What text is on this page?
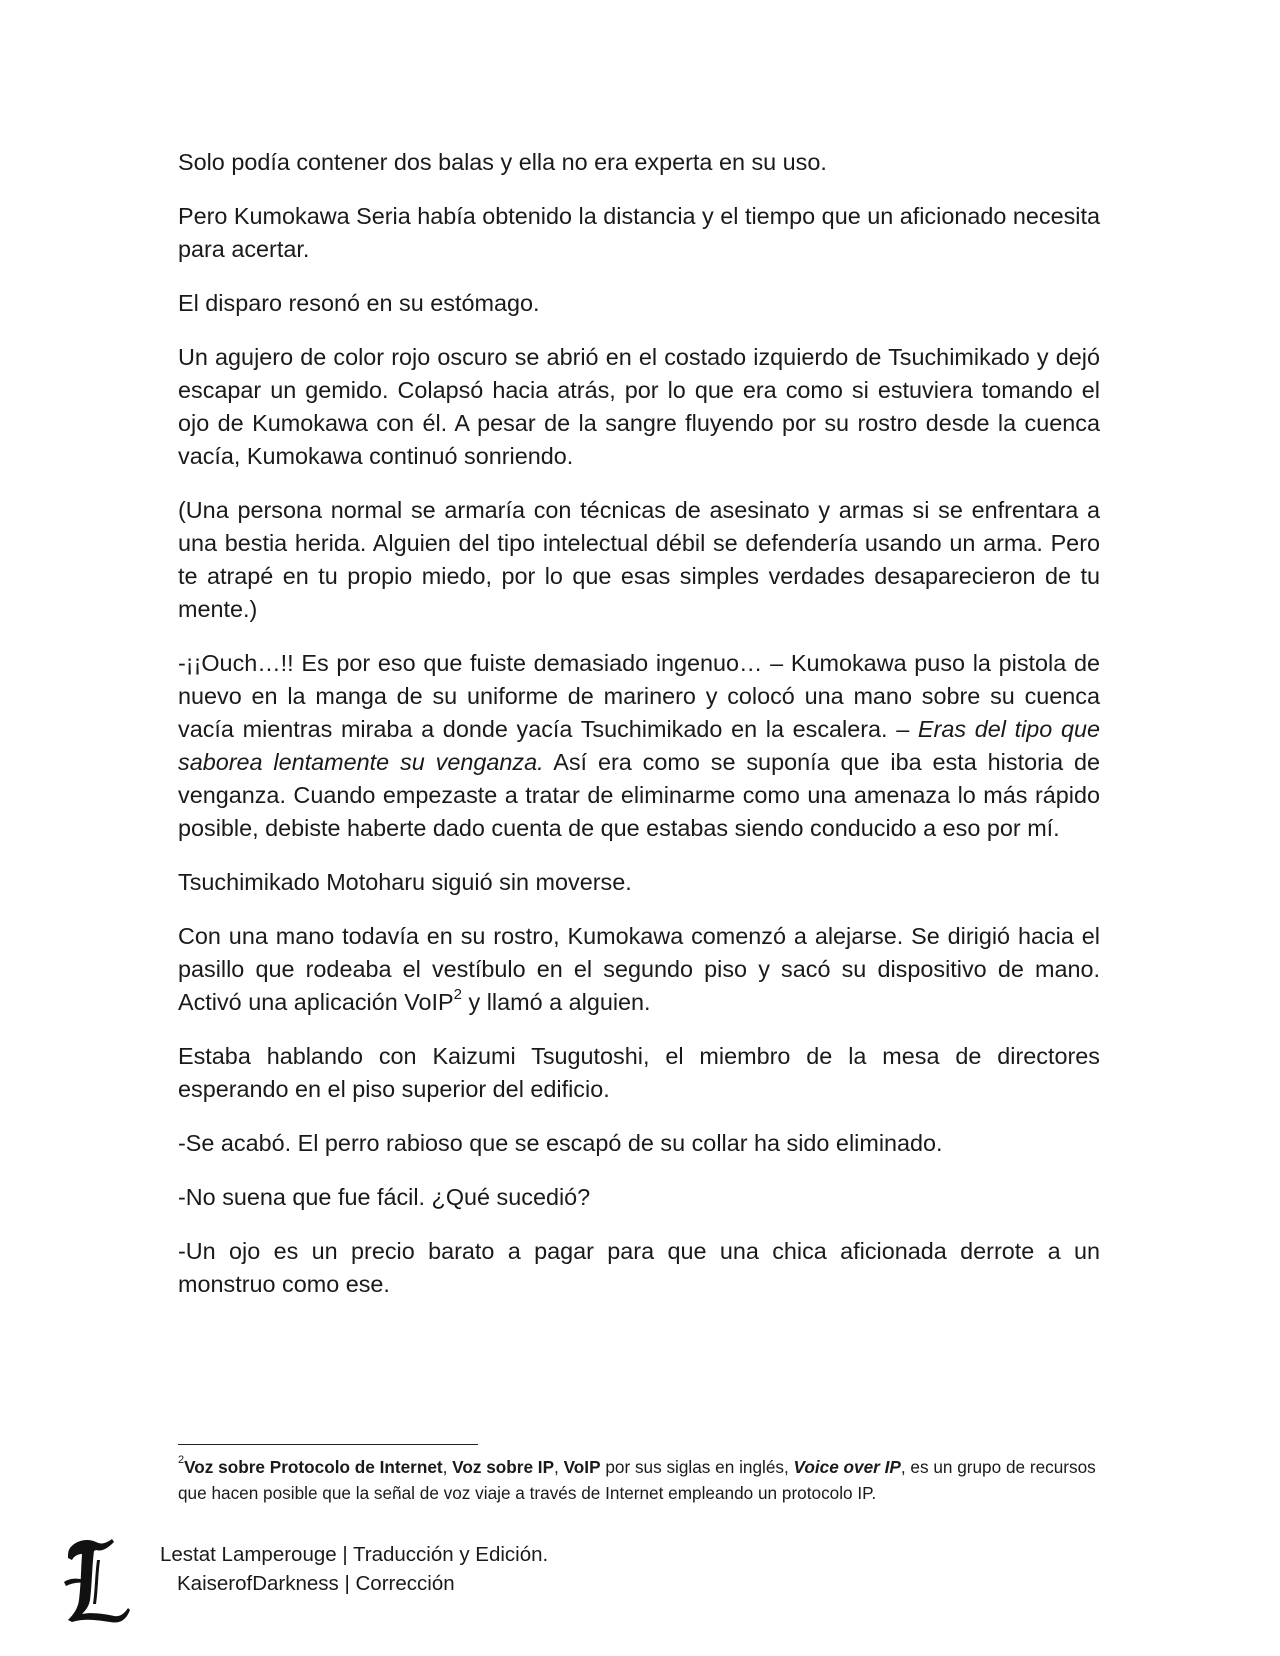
Solo podía contener dos balas y ella no era experta en su uso.

Pero Kumokawa Seria había obtenido la distancia y el tiempo que un aficionado necesita para acertar.

El disparo resonó en su estómago.

Un agujero de color rojo oscuro se abrió en el costado izquierdo de Tsuchimikado y dejó escapar un gemido. Colapsó hacia atrás, por lo que era como si estuviera tomando el ojo de Kumokawa con él. A pesar de la sangre fluyendo por su rostro desde la cuenca vacía, Kumokawa continuó sonriendo.

(Una persona normal se armaría con técnicas de asesinato y armas si se enfrentara a una bestia herida. Alguien del tipo intelectual débil se defendería usando un arma. Pero te atrapé en tu propio miedo, por lo que esas simples verdades desaparecieron de tu mente.)

-¡¡Ouch…!! Es por eso que fuiste demasiado ingenuo… – Kumokawa puso la pistola de nuevo en la manga de su uniforme de marinero y colocó una mano sobre su cuenca vacía mientras miraba a donde yacía Tsuchimikado en la escalera. – Eras del tipo que saborea lentamente su venganza. Así era como se suponía que iba esta historia de venganza. Cuando empezaste a tratar de eliminarme como una amenaza lo más rápido posible, debiste haberte dado cuenta de que estabas siendo conducido a eso por mí.

Tsuchimikado Motoharu siguió sin moverse.

Con una mano todavía en su rostro, Kumokawa comenzó a alejarse. Se dirigió hacia el pasillo que rodeaba el vestíbulo en el segundo piso y sacó su dispositivo de mano. Activó una aplicación VoIP$^2$ y llamó a alguien.

Estaba hablando con Kaizumi Tsugutoshi, el miembro de la mesa de directores esperando en el piso superior del edificio.

-Se acabó. El perro rabioso que se escapó de su collar ha sido eliminado.

-No suena que fue fácil. ¿Qué sucedió?

-Un ojo es un precio barato a pagar para que una chica aficionada derrote a un monstruo como ese.

$^2$Voz sobre Protocolo de Internet, Voz sobre IP, VoIP por sus siglas en inglés, Voice over IP, es un grupo de recursos que hacen posible que la señal de voz viaje a través de Internet empleando un protocolo IP.
Lestat Lamperouge | Traducción y Edición.
KaiserofDarkness | Corrección
